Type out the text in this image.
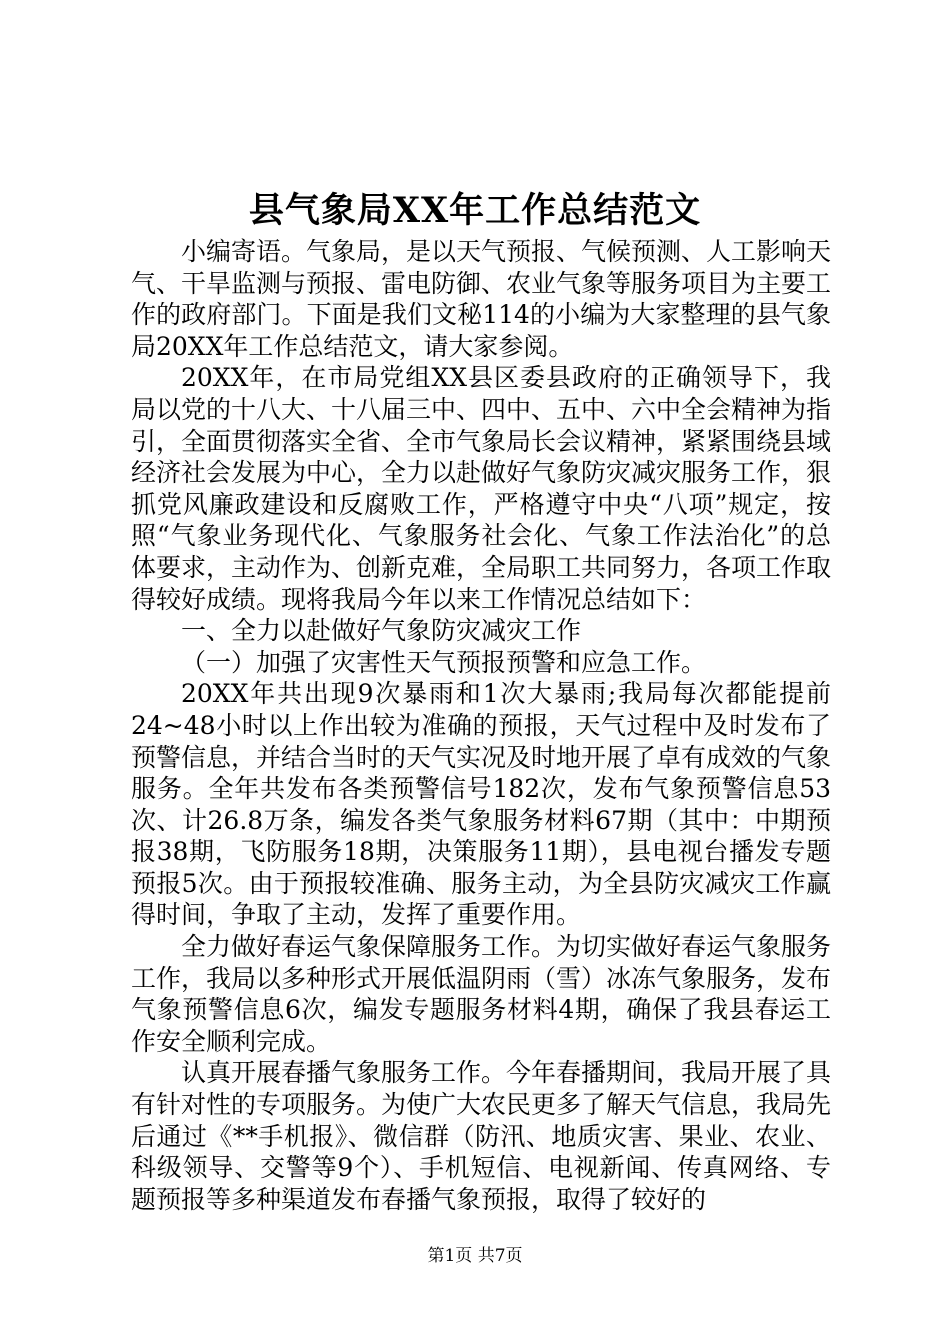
县气象局XX年工作总结范文

小编寄语。气象局，是以天气预报、气候预测、人工影响天气、干旱监测与预报、雷电防御、农业气象等服务项目为主要工作的政府部门。下面是我们文秘114的小编为大家整理的县气象局20XX年工作总结范文，请大家参阅。

20XX年，在市局党组XX县区委县政府的正确领导下，我局以党的十八大、十八届三中、四中、五中、六中全会精神为指引，全面贯彻落实全省、全市气象局长会议精神，紧紧围绕县域经济社会发展为中心，全力以赴做好气象防灾减灾服务工作，狠抓党风廉政建设和反腐败工作，严格遵守中央“八项”规定，按照“气象业务现代化、气象服务社会化、气象工作法治化”的总体要求，主动作为、创新克难，全局职工共同努力，各项工作取得较好成绩。现将我局今年以来工作情况总结如下：

一、全力以赴做好气象防灾减灾工作

（一）加强了灾害性天气预报预警和应急工作。

20XX年共出现9次暴雨和1次大暴雨;我局每次都能提前24~48小时以上作出较为准确的预报，天气过程中及时发布了预警信息，并结合当时的天气实况及时地开展了卓有成效的气象服务。全年共发布各类预警信号182次，发布气象预警信息53次、计26.8万条，编发各类气象服务材料67期（其中：中期预报38期，飞防服务18期，决策服务11期），县电视台播发专题预报5次。由于预报较准确、服务主动，为全县防灾减灾工作赢得时间，争取了主动，发挥了重要作用。

全力做好春运气象保障服务工作。为切实做好春运气象服务工作，我局以多种形式开展低温阴雨（雪）冰冻气象服务，发布气象预警信息6次，编发专题服务材料4期，确保了我县春运工作安全顺利完成。

认真开展春播气象服务工作。今年春播期间，我局开展了具有针对性的专项服务。为使广大农民更多了解天气信息，我局先后通过《**手机报》、微信群（防汛、地质灾害、果业、农业、科级领导、交警等9个）、手机短信、电视新闻、传真网络、专题预报等多种渠道发布春播气象预报，取得了较好的

第1页 共7页
